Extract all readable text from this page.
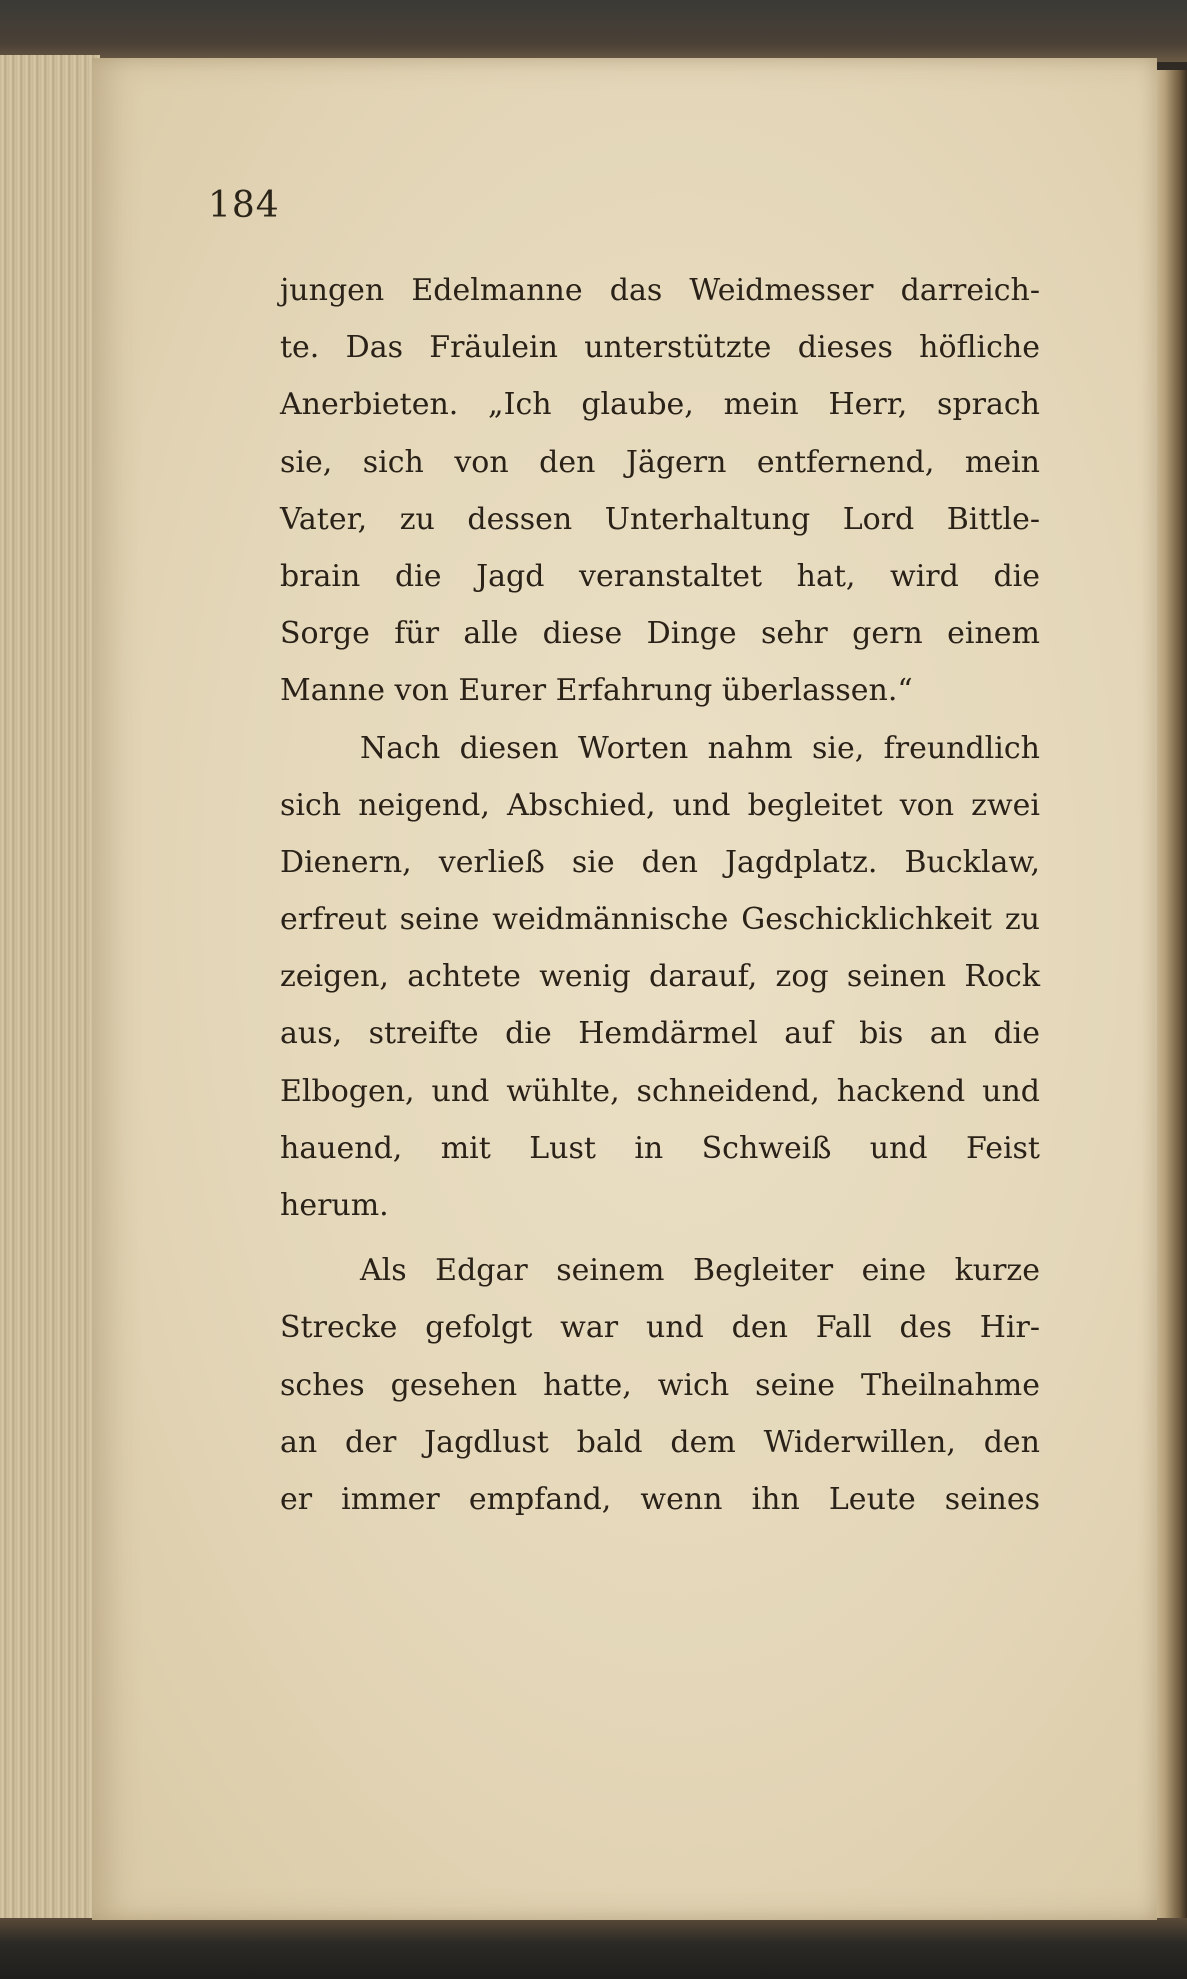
184
jungen Edelmanne das Weidmesser darreich-
te. Das Fräulein unterstützte dieses höfliche
Anerbieten. „Ich glaube, mein Herr, sprach
sie, sich von den Jägern entfernend, mein
Vater, zu dessen Unterhaltung Lord Bittle-
brain die Jagd veranstaltet hat, wird die
Sorge für alle diese Dinge sehr gern einem
Manne von Eurer Erfahrung überlassen.“
Nach diesen Worten nahm sie, freundlich
sich neigend, Abschied, und begleitet von zwei
Dienern, verließ sie den Jagdplatz. Bucklaw,
erfreut seine weidmännische Geschicklichkeit zu
zeigen, achtete wenig darauf, zog seinen Rock
aus, streifte die Hemdärmel auf bis an die
Elbogen, und wühlte, schneidend, hackend und
hauend, mit Lust in Schweiß und Feist
herum.
Als Edgar seinem Begleiter eine kurze
Strecke gefolgt war und den Fall des Hir-
sches gesehen hatte, wich seine Theilnahme
an der Jagdlust bald dem Widerwillen, den
er immer empfand, wenn ihn Leute seines
